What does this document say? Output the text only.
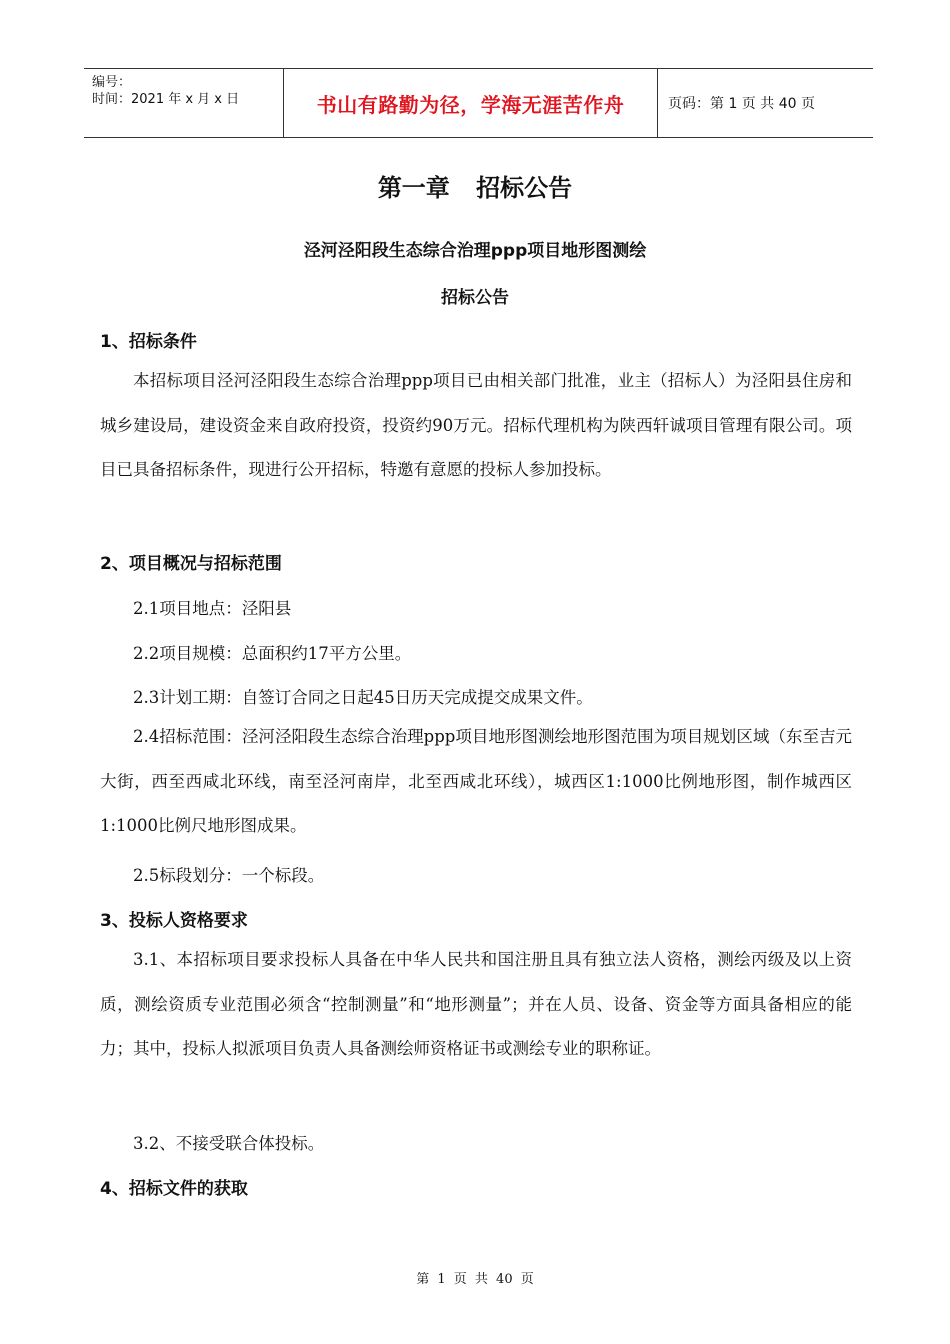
编号：
时间：2021 年 x 月 x 日	书山有路勤为径，学海无涯苦作舟	页码：第 1 页 共 40 页
第一章 招标公告
泾河泾阳段生态综合治理ppp项目地形图测绘
招标公告
1、招标条件
本招标项目泾河泾阳段生态综合治理ppp项目已由相关部门批准，业主（招标人）为泾阳县住房和城乡建设局，建设资金来自政府投资，投资约90万元。招标代理机构为陕西轩诚项目管理有限公司。项目已具备招标条件，现进行公开招标，特邀有意愿的投标人参加投标。
2、项目概况与招标范围
2.1项目地点：泾阳县
2.2项目规模：总面积约17平方公里。
2.3计划工期：自签订合同之日起45日历天完成提交成果文件。
2.4招标范围：泾河泾阳段生态综合治理ppp项目地形图测绘地形图范围为项目规划区域（东至吉元大街，西至西咸北环线，南至泾河南岸，北至西咸北环线），城西区1:1000比例地形图，制作城西区1:1000比例尺地形图成果。
2.5标段划分：一个标段。
3、投标人资格要求
3.1、本招标项目要求投标人具备在中华人民共和国注册且具有独立法人资格，测绘丙级及以上资质，测绘资质专业范围必须含“控制测量”和“地形测量”；并在人员、设备、资金等方面具备相应的能力；其中，投标人拟派项目负责人具备测绘师资格证书或测绘专业的职称证。
3.2、不接受联合体投标。
4、招标文件的获取
第 1 页 共 40 页
